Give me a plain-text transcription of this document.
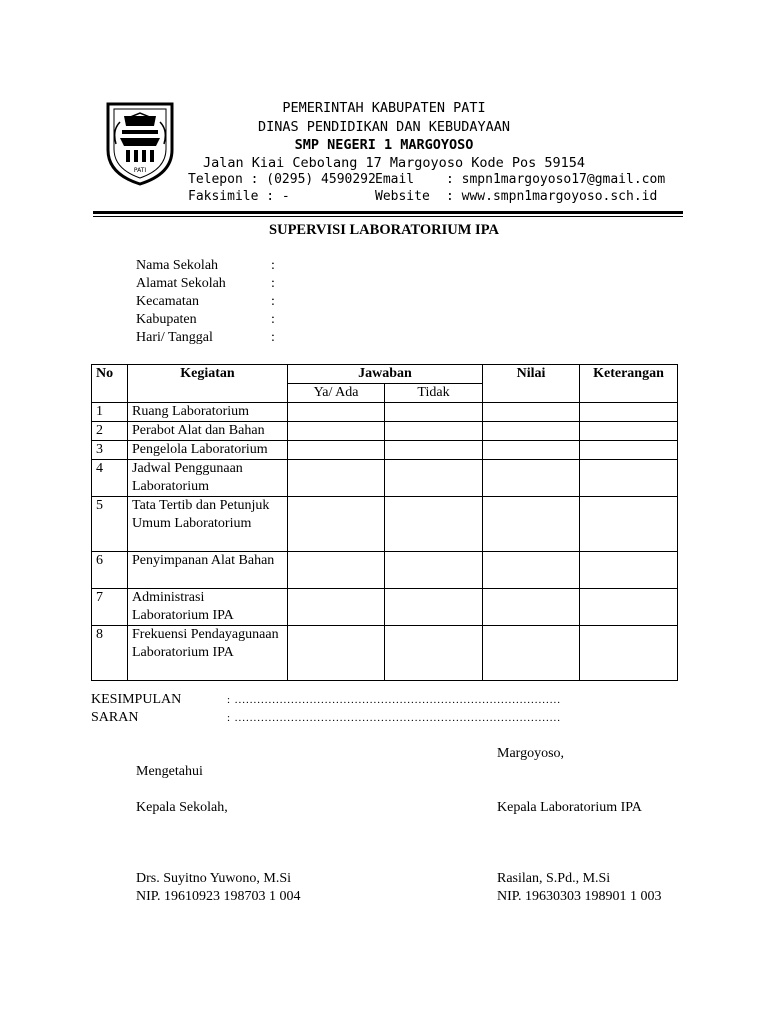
PATI
PEMERINTAH KABUPATEN PATI
DINAS PENDIDIKAN DAN KEBUDAYAAN
SMP NEGERI 1 MARGOYOSO
Jalan Kiai Cebolang 17 Margoyoso Kode Pos 59154
Telepon : (0295) 4590292 Email : smpn1margoyoso17@gmail.com
Faksimile : -	Website : www.smpn1margoyoso.sch.id
SUPERVISI LABORATORIUM IPA
Nama Sekolah	:
Alamat Sekolah	:
Kecamatan	:
Kabupaten	:
Hari/ Tanggal	:
No	Kegiatan	Jawaban		Nilai	Keterangan
		Ya/ Ada	Tidak		
1	Ruang Laboratorium				
2	Perabot Alat dan Bahan				
3	Pengelola Laboratorium				
4	Jadwal Penggunaan Laboratorium				
5	Tata Tertib dan Petunjuk Umum Laboratorium				
6	Penyimpanan Alat Bahan				
7	Administrasi Laboratorium IPA				
8	Frekuensi Pendayagunaan Laboratorium IPA				
KESIMPULAN	: .......................................................................................
SARAN	: .......................................................................................
Margoyoso,
Mengetahui
Kepala Sekolah,	Kepala Laboratorium IPA
Drs. Suyitno Yuwono, M.Si
NIP. 19610923 198703 1 004
Rasilan, S.Pd., M.Si
NIP. 19630303 198901 1 003
